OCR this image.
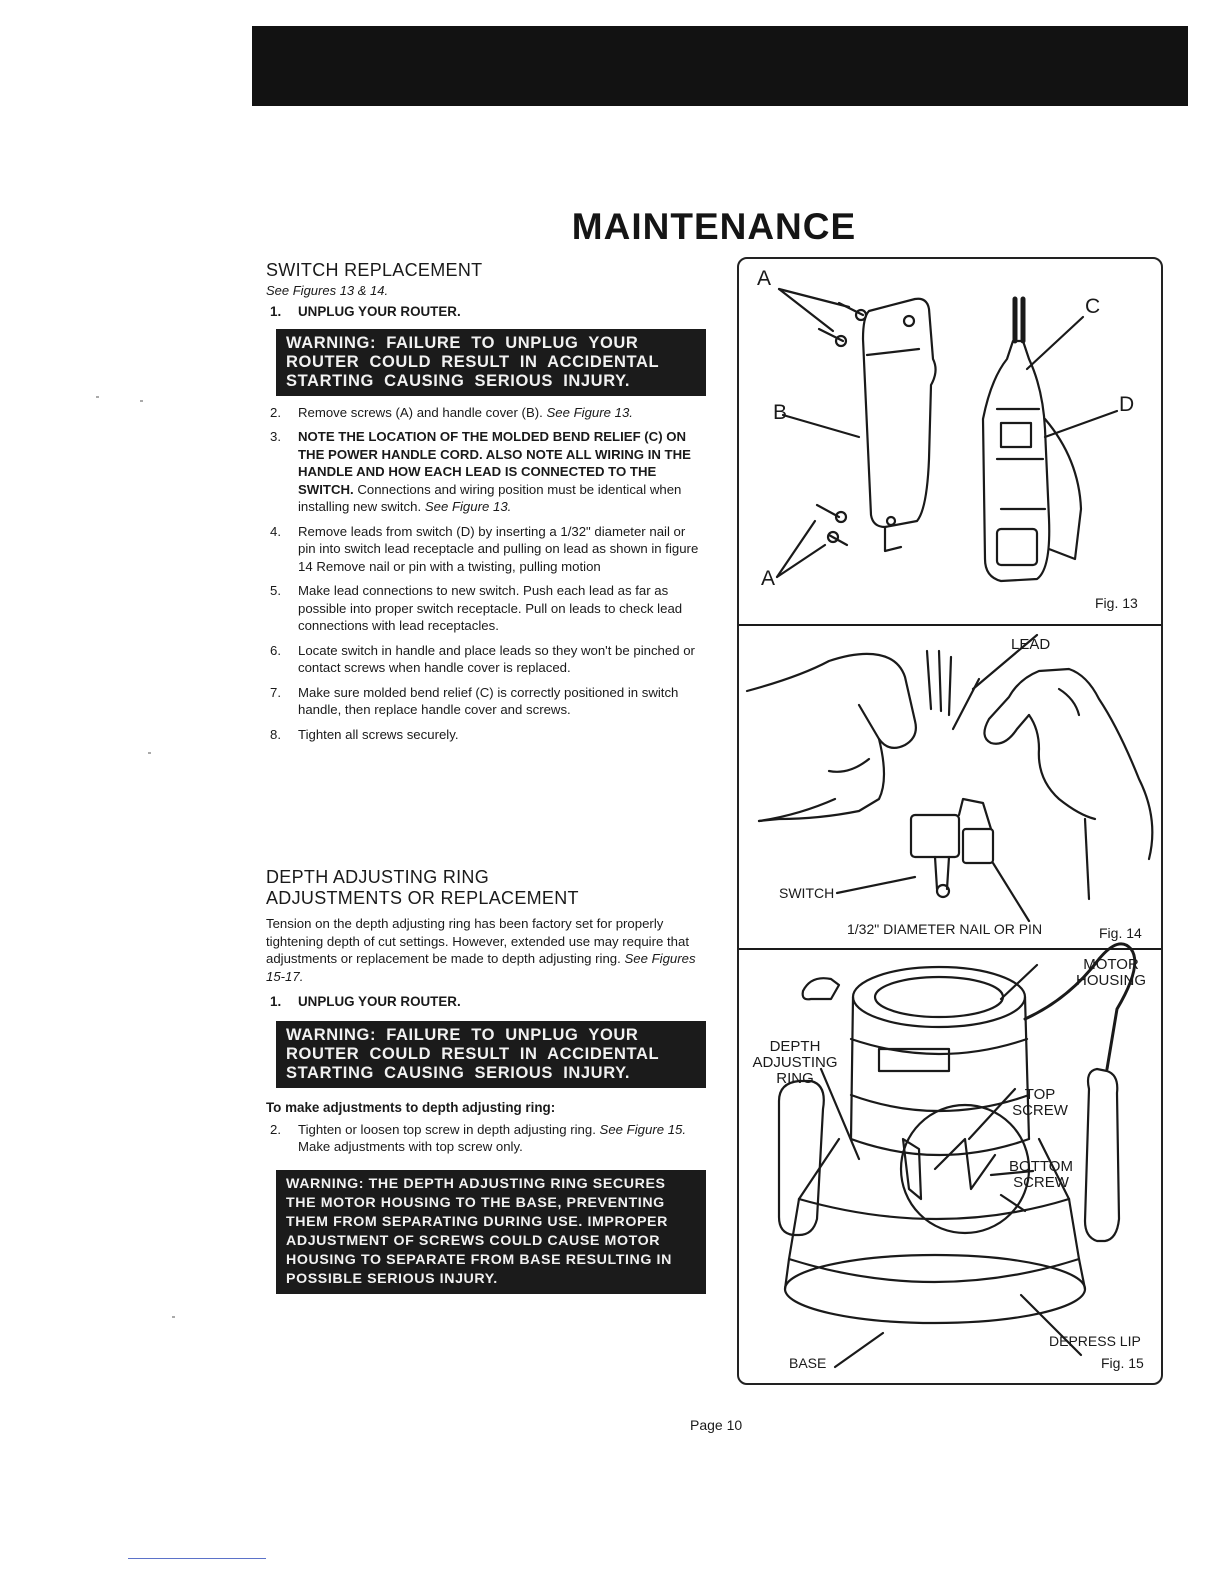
MAINTENANCE
SWITCH REPLACEMENT
See Figures 13 & 14.
1 . UNPLUG YOUR ROUTER.
WARNING: FAILURE TO UNPLUG YOUR ROUTER COULD RESULT IN ACCIDENTAL STARTING CAUSING SERIOUS INJURY.
2 . Remove screws (A) and handle cover (B). See Figure 13.
3 . NOTE THE LOCATION OF THE MOLDED BEND RELIEF (C) ON THE POWER HANDLE CORD. ALSO NOTE ALL WIRING IN THE HANDLE AND HOW EACH LEAD IS CONNECTED TO THE SWITCH. Connections and wiring position must be identical when installing new switch. See Figure 13.
4 . Remove leads from switch (D) by inserting a 1/32" diameter nail or pin into switch lead receptacle and pulling on lead as shown in figure 14 Remove nail or pin with a twisting, pulling motion
5 . Make lead connections to new switch. Push each lead as far as possible into proper switch receptacle. Pull on leads to check lead connections with lead receptacles.
6 . Locate switch in handle and place leads so they won't be pinched or contact screws when handle cover is replaced.
7 . Make sure molded bend relief (C) is correctly positioned in switch handle, then replace handle cover and screws.
8 . Tighten all screws securely.
DEPTH ADJUSTING RING
ADJUSTMENTS OR REPLACEMENT
Tension on the depth adjusting ring has been factory set for properly tightening depth of cut settings. However, extended use may require that adjustments or replacement be made to depth adjusting ring. See Figures 15-17.
1 . UNPLUG YOUR ROUTER.
WARNING: FAILURE TO UNPLUG YOUR ROUTER COULD RESULT IN ACCIDENTAL STARTING CAUSING SERIOUS INJURY.
To make adjustments to depth adjusting ring:
2 . Tighten or loosen top screw in depth adjusting ring. See Figure 15. Make adjustments with top screw only.
WARNING: THE DEPTH ADJUSTING RING SECURES THE MOTOR HOUSING TO THE BASE, PREVENTING THEM FROM SEPARATING DURING USE. IMPROPER ADJUSTMENT OF SCREWS COULD CAUSE MOTOR HOUSING TO SEPARATE FROM BASE RESULTING IN POSSIBLE SERIOUS INJURY.
A
B
A
C
D
Fig. 13
LEAD
SWITCH
1/32" DIAMETER NAIL OR PIN	Fig. 14
MOTOR HOUSING
DEPTH ADJUSTING RING
TOP SCREW
BOTTOM SCREW
BASE
DEPRESS LIP
Fig. 15
Page 10
